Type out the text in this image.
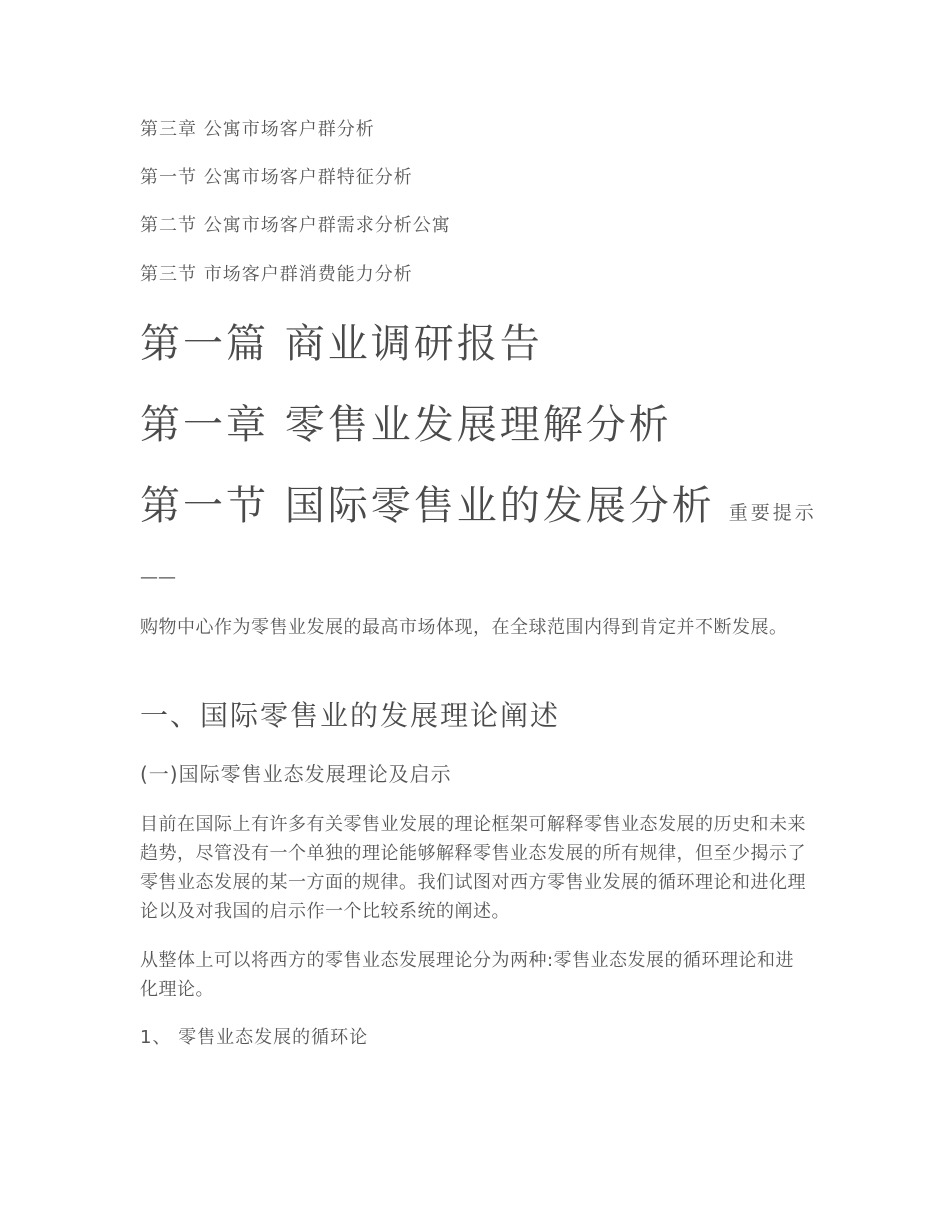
第三章 公寓市场客户群分析
第一节 公寓市场客户群特征分析
第二节 公寓市场客户群需求分析公寓
第三节 市场客户群消费能力分析
第一篇 商业调研报告
第一章 零售业发展理解分析
第一节 国际零售业的发展分析 重要提示
——

购物中心作为零售业发展的最高市场体现，在全球范围内得到肯定并不断发展。

一、国际零售业的发展理论阐述
(一)国际零售业态发展理论及启示

目前在国际上有许多有关零售业发展的理论框架可解释零售业态发展的历史和未来趋势，尽管没有一个单独的理论能够解释零售业态发展的所有规律，但至少揭示了零售业态发展的某一方面的规律。我们试图对西方零售业发展的循环理论和进化理论以及对我国的启示作一个比较系统的阐述。

从整体上可以将西方的零售业态发展理论分为两种:零售业态发展的循环理论和进化理论。

1、 零售业态发展的循环论
